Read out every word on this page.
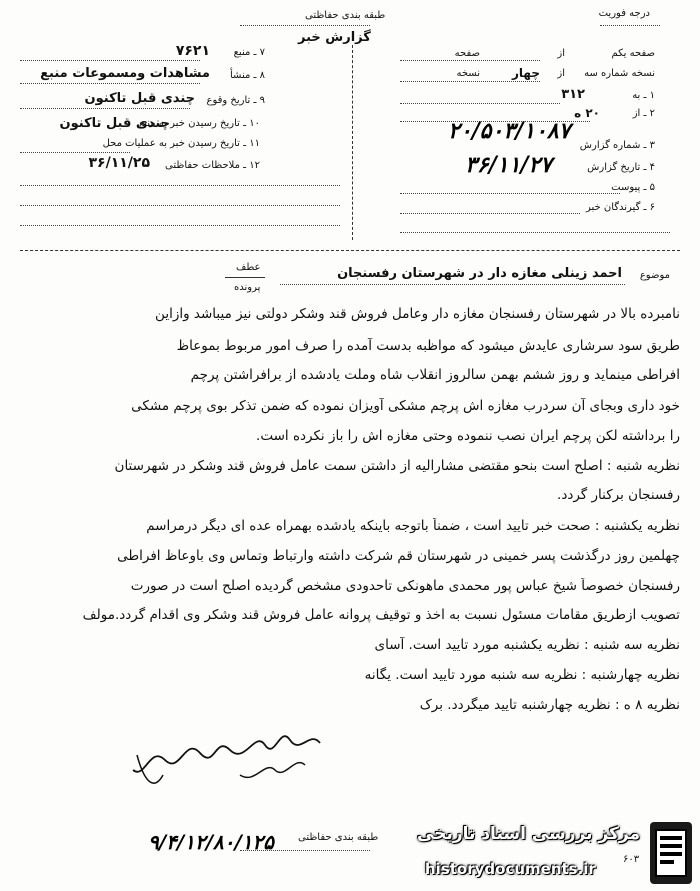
درجه فوریت
طبقه بندی حفاظتی
گزارش خبر
۷ ـ منبع
۷۶۲۱
۸ ـ منشأ
مشاهدات ومسموعات منبع
۹ ـ تاریخ وقوع
چندی قبل تاکنون
۱۰ ـ تاریخ رسیدن خبر به منبع
چندی قبل تاکنون
۱۱ ـ تاریخ رسیدن خبر به عملیات محل
۱۲ ـ ملاحظات حفاظتی
۳۶/۱۱/۲۵
صفحه یکم
از
صفحه
نسخه شماره سه
از
چهار
نسخه
۱ ـ به
۳۱۲
۲ ـ از
۲۰ ه
۳ ـ شماره گزارش
۲۰/۵۰۳/۱۰۸۷
۴ ـ تاریخ گزارش
۳۶/۱۱/۲۷
۵ ـ پیوست
۶ ـ گیرندگان خبر
موضوع
احمد زینلی مغازه دار در شهرستان رفسنجان
عطف
پرونده
نامبرده بالا در شهرستان رفسنجان مغازه دار وعامل فروش قند وشکر دولتی نیز میباشد وازاین
طریق سود سرشاری عایدش میشود که مواظبه بدست آمده را صرف امور مربوط بموعاظ
افراطی مینماید و روز ششم بهمن سالروز انقلاب شاه وملت یادشده از برافراشتن پرچم
خود داری وبجای آن سردرب مغازه اش پرچم مشکی آویزان نموده که ضمن تذکر بوی پرچم مشکی
را برداشته لکن پرچم ایران نصب ننموده وحتی مغازه اش را باز نکرده است.
نظریه شنبه : اصلح است بنحو مقتضی مشارالیه از داشتن سمت عامل فروش قند وشکر در شهرستان
رفسنجان برکنار گردد.
نظریه یکشنبه : صحت خبر تایید است ، ضمناً باتوجه باینکه یادشده بهمراه عده ای دیگر درمراسم
چهلمین روز درگذشت پسر خمینی در شهرستان قم شرکت داشته وارتباط وتماس وی باوعاظ افراطی
رفسنجان خصوصاً شیخ عباس پور محمدی ماهونکی تاحدودی مشخص گردیده اصلح است در صورت
تصویب ازطریق مقامات مسئول نسبت به اخذ و توقیف پروانه عامل فروش قند وشکر وی اقدام گردد.مولف
نظریه سه شنبه : نظریه یکشنبه مورد تایید است. آسای
نظریه چهارشنبه : نظریه سه شنبه مورد تایید است. یگانه
نظریه ۸ ه : نظریه چهارشنبه تایید میگردد. برک
طبقه بندی حفاظتی
۹/۴/۱۲/۸۰/۱۲۵	مرکز بررسی اسناد تاریخی
historydocuments.ir
۶۰۳
